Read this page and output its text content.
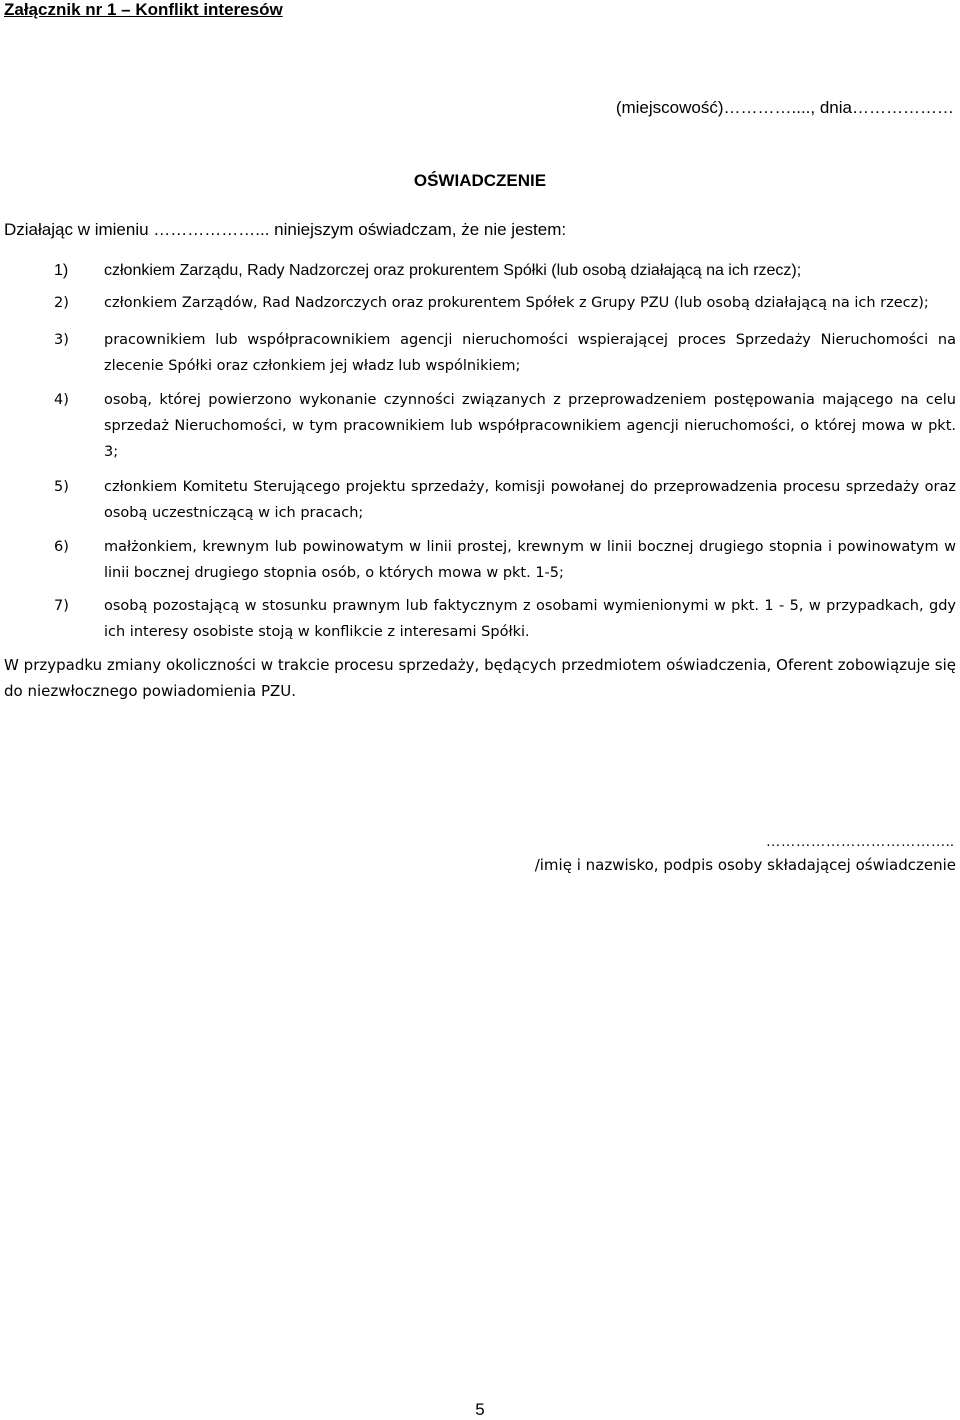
Załącznik nr 1 – Konflikt interesów
(miejscowość)…………...., dnia………………
OŚWIADCZENIE
Działając w imieniu ………………... niniejszym oświadczam, że nie jestem:
1) członkiem Zarządu, Rady Nadzorczej oraz prokurentem Spółki (lub osobą działającą na ich rzecz);
2) członkiem Zarządów, Rad Nadzorczych oraz prokurentem Spółek z Grupy PZU (lub osobą działającą na ich rzecz);
3) pracownikiem lub współpracownikiem agencji nieruchomości wspierającej proces Sprzedaży Nieruchomości na zlecenie Spółki oraz członkiem jej władz lub wspólnikiem;
4) osobą, której powierzono wykonanie czynności związanych z przeprowadzeniem postępowania mającego na celu sprzedaż Nieruchomości, w tym pracownikiem lub współpracownikiem agencji nieruchomości, o której mowa w pkt. 3;
5) członkiem Komitetu Sterującego projektu sprzedaży, komisji powołanej do przeprowadzenia procesu sprzedaży oraz osobą uczestniczącą w ich pracach;
6) małżonkiem, krewnym lub powinowatym w linii prostej, krewnym w linii bocznej drugiego stopnia i powinowatym w linii bocznej drugiego stopnia osób, o których mowa w pkt. 1-5;
7) osobą pozostającą w stosunku prawnym lub faktycznym z osobami wymienionymi w pkt. 1 - 5, w przypadkach, gdy ich interesy osobiste stoją w konflikcie z interesami Spółki.
W przypadku zmiany okoliczności w trakcie procesu sprzedaży, będących przedmiotem oświadczenia, Oferent zobowiązuje się do niezwłocznego powiadomienia PZU.
………………………………..
/imię i nazwisko, podpis osoby składającej oświadczenie
5
